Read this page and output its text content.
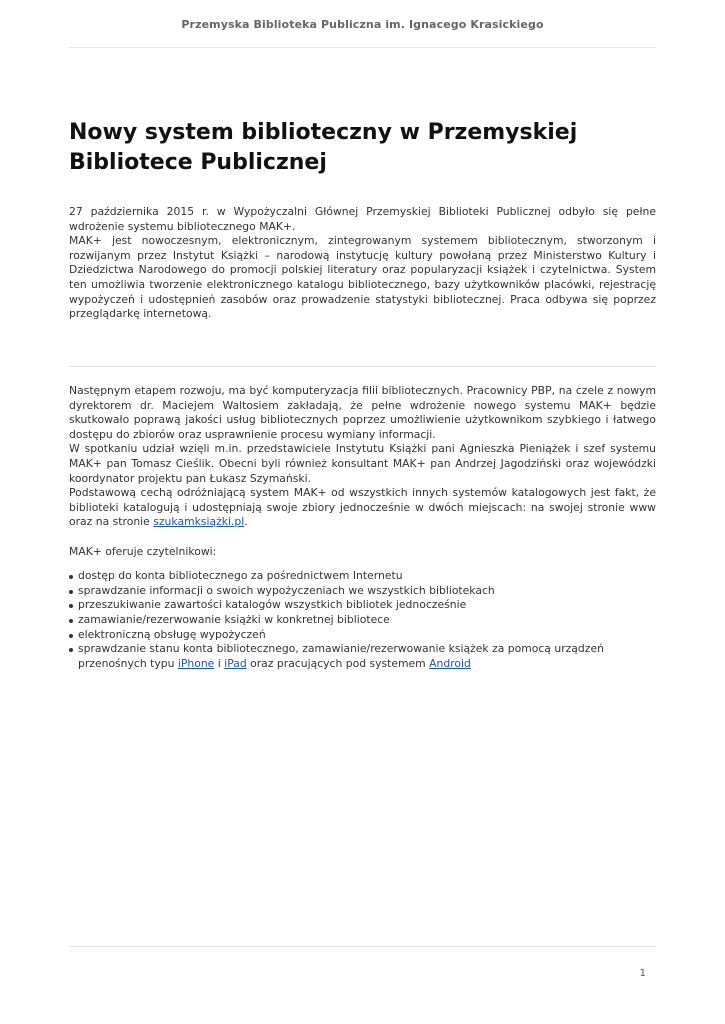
Przemyska Biblioteka Publiczna im. Ignacego Krasickiego
Nowy system biblioteczny w Przemyskiej Bibliotece Publicznej

27 października 2015 r. w Wypożyczalni Głównej Przemyskiej Biblioteki Publicznej odbyło się pełne wdrożenie systemu bibliotecznego MAK+.

MAK+ jest nowoczesnym, elektronicznym, zintegrowanym systemem bibliotecznym, stworzonym i rozwijanym przez Instytut Książki – narodową instytucję kultury powołaną przez Ministerstwo Kultury i Dziedzictwa Narodowego do promocji polskiej literatury oraz popularyzacji książek i czytelnictwa. System ten umożliwia tworzenie elektronicznego katalogu bibliotecznego, bazy użytkowników placówki, rejestrację wypożyczeń i udostępnień zasobów oraz prowadzenie statystyki bibliotecznej. Praca odbywa się poprzez przeglądarkę internetową.

Następnym etapem rozwoju, ma być komputeryzacja filii bibliotecznych. Pracownicy PBP, na czele z nowym dyrektorem dr. Maciejem Waltosiem zakładają, że pełne wdrożenie nowego systemu MAK+ będzie skutkowało poprawą jakości usług bibliotecznych poprzez umożliwienie użytkownikom szybkiego i łatwego dostępu do zbiorów oraz usprawnienie procesu wymiany informacji.

W spotkaniu udział wzięli m.in. przedstawiciele Instytutu Książki pani Agnieszka Pieniążek i szef systemu MAK+ pan Tomasz Cieślik. Obecni byli również konsultant MAK+ pan Andrzej Jagodziński oraz wojewódzki koordynator projektu pan Łukasz Szymański.

Podstawową cechą odróżniającą system MAK+ od wszystkich innych systemów katalogowych jest fakt, że biblioteki katalogują i udostępniają swoje zbiory jednocześnie w dwóch miejscach: na swojej stronie www oraz na stronie szukamksiążki.pl.

MAK+ oferuje czytelnikowi:

dostęp do konta bibliotecznego za pośrednictwem Internetu
sprawdzanie informacji o swoich wypożyczeniach we wszystkich bibliotekach
przeszukiwanie zawartości katalogów wszystkich bibliotek jednocześnie
zamawianie/rezerwowanie książki w konkretnej bibliotece
elektroniczną obsługę wypożyczeń
sprawdzanie stanu konta bibliotecznego, zamawianie/rezerwowanie książek za pomocą urządzeń przenośnych typu iPhone i iPad oraz pracujących pod systemem Android
1
